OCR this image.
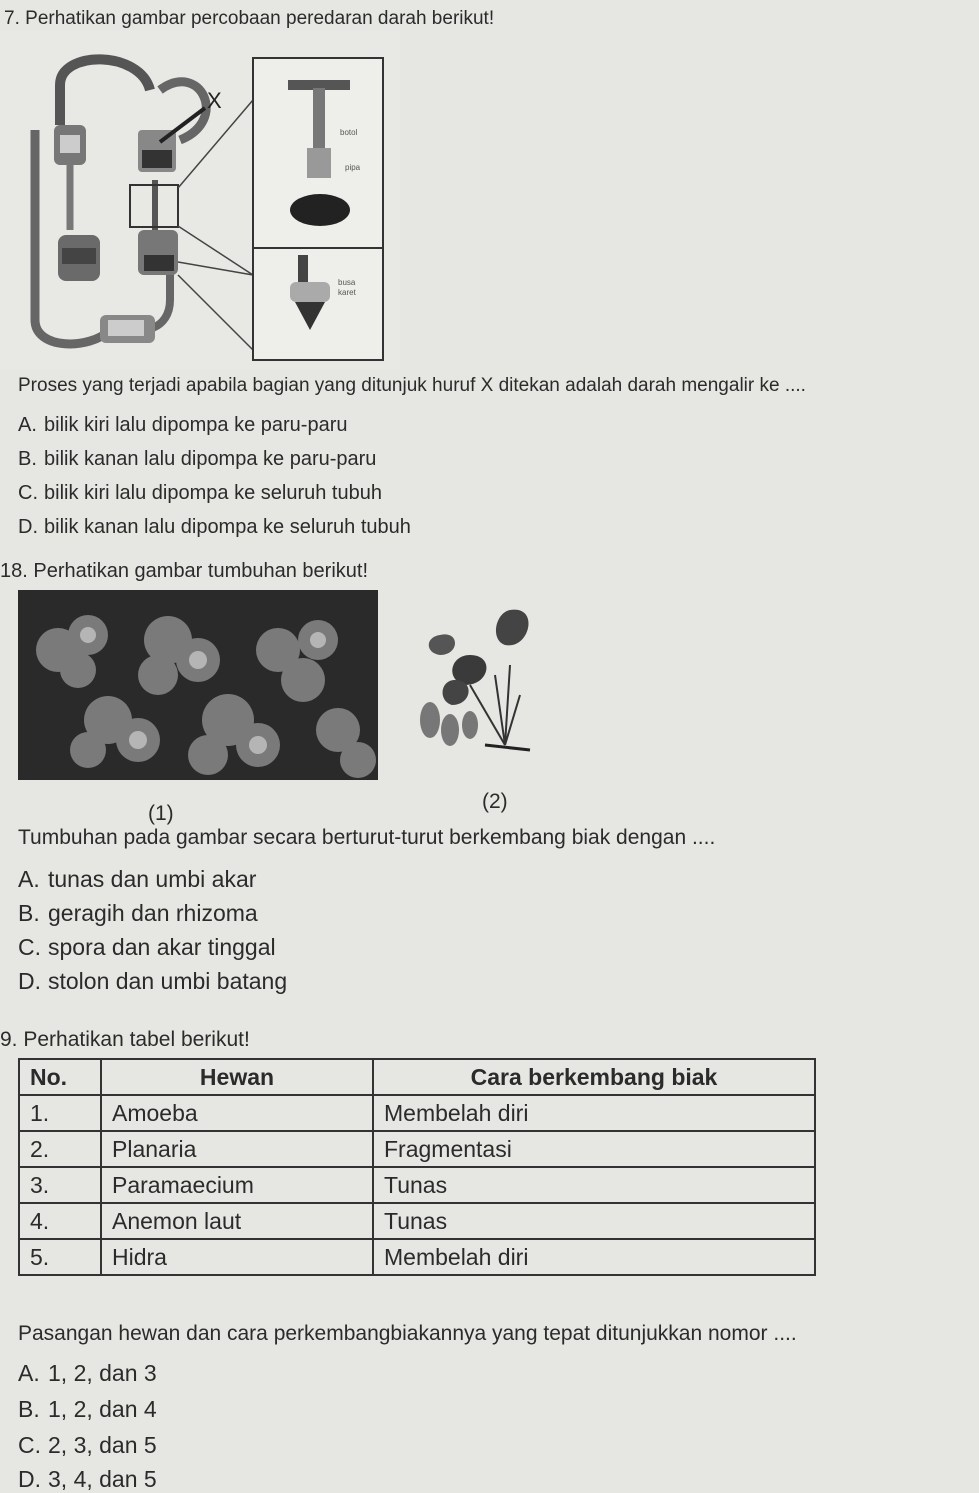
7. Perhatikan gambar percobaan peredaran darah berikut!
X
botol
pipa
busa
karet
Proses yang terjadi apabila bagian yang ditunjuk huruf X ditekan adalah darah mengalir ke ....
A. bilik kiri lalu dipompa ke paru-paru
B. bilik kanan lalu dipompa ke paru-paru
C. bilik kiri lalu dipompa ke seluruh tubuh
D. bilik kanan lalu dipompa ke seluruh tubuh
18. Perhatikan gambar tumbuhan berikut!
(1)
(2)
Tumbuhan pada gambar secara berturut-turut berkembang biak dengan ....
A. tunas dan umbi akar
B. geragih dan rhizoma
C. spora dan akar tinggal
D. stolon dan umbi batang
9. Perhatikan tabel berikut!
No.	Hewan	Cara berkembang biak
1.	Amoeba	Membelah diri
2.	Planaria	Fragmentasi
3.	Paramaecium	Tunas
4.	Anemon laut	Tunas
5.	Hidra	Membelah diri
Pasangan hewan dan cara perkembangbiakannya yang tepat ditunjukkan nomor ....
A. 1, 2, dan 3
B. 1, 2, dan 4
C. 2, 3, dan 5
D. 3, 4, dan 5
